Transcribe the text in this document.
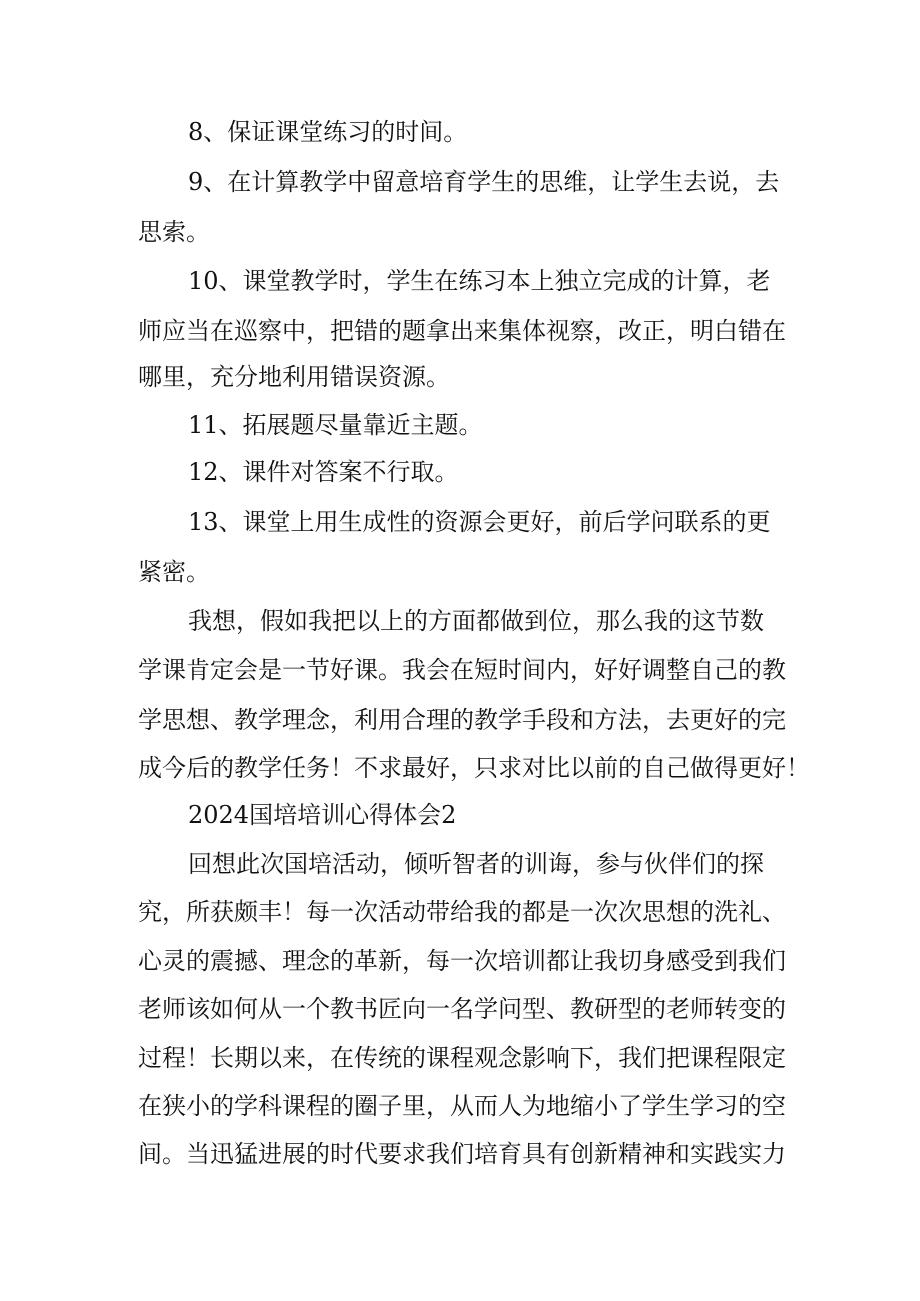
8、保证课堂练习的时间。
9、在计算教学中留意培育学生的思维，让学生去说，去
思索。
10、课堂教学时，学生在练习本上独立完成的计算，老
师应当在巡察中，把错的题拿出来集体视察，改正，明白错在
哪里，充分地利用错误资源。
11、拓展题尽量靠近主题。
12、课件对答案不行取。
13、课堂上用生成性的资源会更好，前后学问联系的更
紧密。
我想，假如我把以上的方面都做到位，那么我的这节数
学课肯定会是一节好课。我会在短时间内，好好调整自己的教
学思想、教学理念，利用合理的教学手段和方法，去更好的完
成今后的教学任务！不求最好，只求对比以前的自己做得更好！
2024国培培训心得体会2
回想此次国培活动，倾听智者的训诲，参与伙伴们的探
究，所获颇丰！每一次活动带给我的都是一次次思想的洗礼、
心灵的震撼、理念的革新，每一次培训都让我切身感受到我们
老师该如何从一个教书匠向一名学问型、教研型的老师转变的
过程！长期以来，在传统的课程观念影响下，我们把课程限定
在狭小的学科课程的圈子里，从而人为地缩小了学生学习的空
间。当迅猛进展的时代要求我们培育具有创新精神和实践实力
